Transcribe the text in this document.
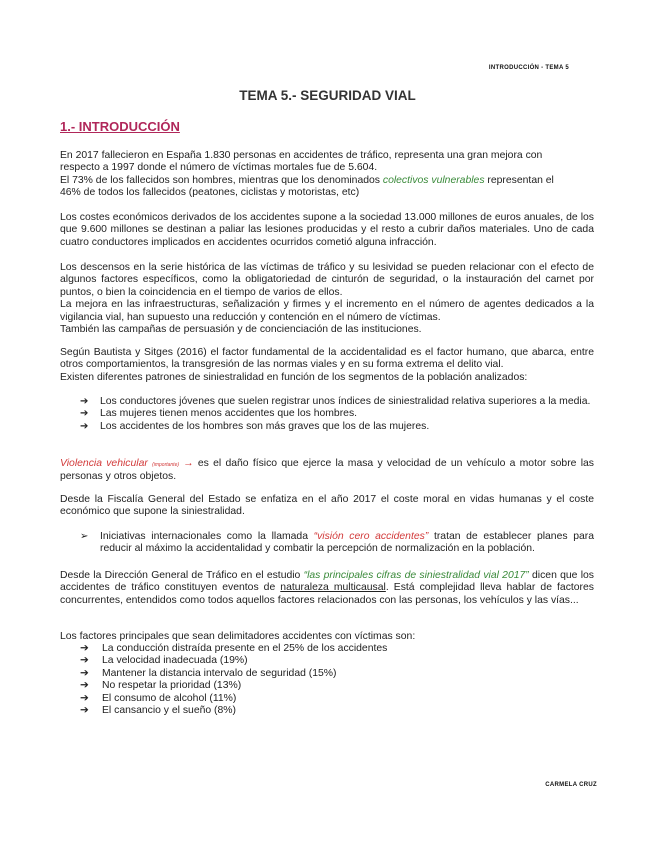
INTRODUCCIÓN - TEMA 5
TEMA 5.- SEGURIDAD VIAL
1.- INTRODUCCIÓN
En 2017 fallecieron en España 1.830 personas en accidentes de tráfico, representa una gran mejora con
respecto a 1997 donde el número de víctimas mortales fue de 5.604.
El 73% de los fallecidos son hombres, mientras que los denominados colectivos vulnerables representan el
46% de todos los fallecidos (peatones, ciclistas y motoristas, etc)
Los costes económicos derivados de los accidentes supone a la sociedad 13.000 millones de euros anuales, de los que 9.600 millones se destinan a paliar las lesiones producidas y el resto a cubrir daños materiales. Uno de cada cuatro conductores implicados en accidentes ocurridos cometió alguna infracción.
Los descensos en la serie histórica de las víctimas de tráfico y su lesividad se pueden relacionar con el efecto de algunos factores específicos, como la obligatoriedad de cinturón de seguridad, o la instauración del carnet por puntos, o bien la coincidencia en el tiempo de varios de ellos.
La mejora en las infraestructuras, señalización y firmes y el incremento en el número de agentes dedicados a la vigilancia vial, han supuesto una reducción y contención en el número de víctimas.
También las campañas de persuasión y de concienciación de las instituciones.
Según Bautista y Sitges (2016) el factor fundamental de la accidentalidad es el factor humano, que abarca, entre otros comportamientos, la transgresión de las normas viales y en su forma extrema el delito vial.
Existen diferentes patrones de siniestralidad en función de los segmentos de la población analizados:
➔ Los conductores jóvenes que suelen registrar unos índices de siniestralidad relativa superiores a la media.
➔ Las mujeres tienen menos accidentes que los hombres.
➔ Los accidentes de los hombres son más graves que los de las mujeres.
Violencia vehicular (importante) → es el daño físico que ejerce la masa y velocidad de un vehículo a motor sobre las personas y otros objetos.
Desde la Fiscalía General del Estado se enfatiza en el año 2017 el coste moral en vidas humanas y el coste económico que supone la siniestralidad.
➢ Iniciativas internacionales como la llamada “visión cero accidentes” tratan de establecer planes para reducir al máximo la accidentalidad y combatir la percepción de normalización en la población.
Desde la Dirección General de Tráfico en el estudio “las principales cifras de siniestralidad vial 2017” dicen que los accidentes de tráfico constituyen eventos de naturaleza multicausal. Está complejidad lleva hablar de factores concurrentes, entendidos como todos aquellos factores relacionados con las personas, los vehículos y las vías...
Los factores principales que sean delimitadores accidentes con víctimas son:
➔ La conducción distraída presente en el 25% de los accidentes
➔ La velocidad inadecuada (19%)
➔ Mantener la distancia intervalo de seguridad (15%)
➔ No respetar la prioridad (13%)
➔ El consumo de alcohol (11%)
➔ El cansancio y el sueño (8%)
CARMELA CRUZ
